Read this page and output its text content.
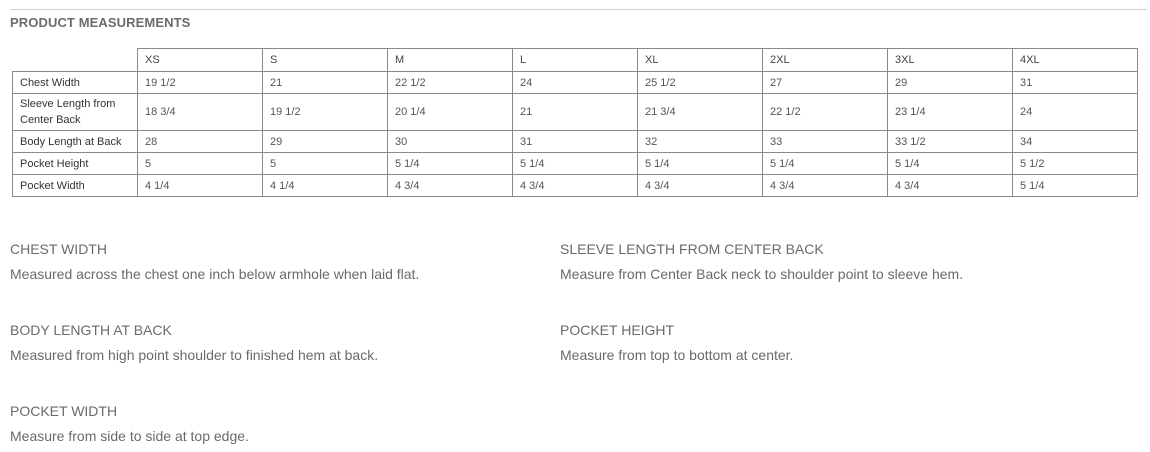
PRODUCT MEASUREMENTS
	XS	S	M	L	XL	2XL	3XL	4XL
Chest Width	19 1/2	21	22 1/2	24	25 1/2	27	29	31
Sleeve Length from Center Back	18 3/4	19 1/2	20 1/4	21	21 3/4	22 1/2	23 1/4	24
Body Length at Back	28	29	30	31	32	33	33 1/2	34
Pocket Height	5	5	5 1/4	5 1/4	5 1/4	5 1/4	5 1/4	5 1/2
Pocket Width	4 1/4	4 1/4	4 3/4	4 3/4	4 3/4	4 3/4	4 3/4	5 1/4
CHEST WIDTH
Measured across the chest one inch below armhole when laid flat.
SLEEVE LENGTH FROM CENTER BACK
Measure from Center Back neck to shoulder point to sleeve hem.
BODY LENGTH AT BACK
Measured from high point shoulder to finished hem at back.
POCKET HEIGHT
Measure from top to bottom at center.
POCKET WIDTH
Measure from side to side at top edge.
